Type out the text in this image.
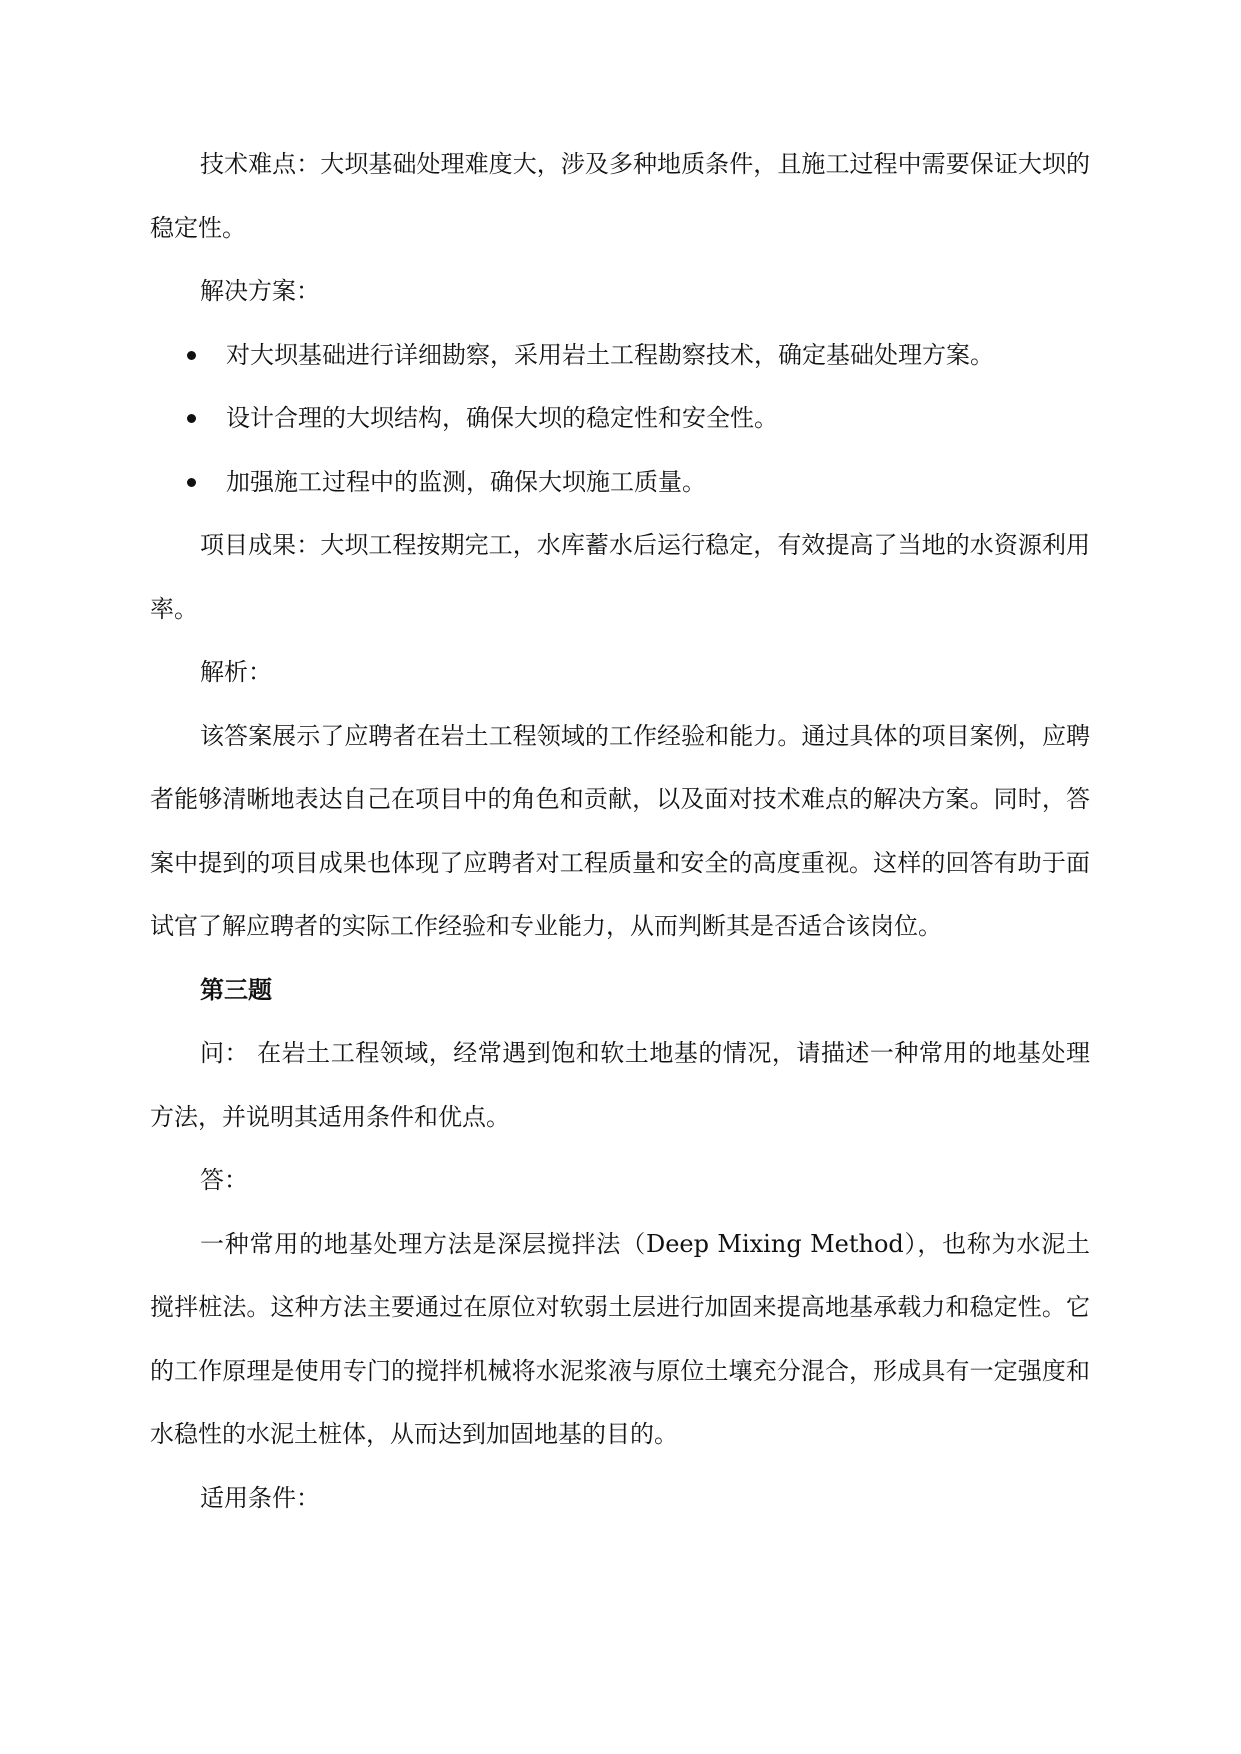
技术难点：大坝基础处理难度大，涉及多种地质条件，且施工过程中需要保证大坝的稳定性。

解决方案：

对大坝基础进行详细勘察，采用岩土工程勘察技术，确定基础处理方案。
设计合理的大坝结构，确保大坝的稳定性和安全性。
加强施工过程中的监测，确保大坝施工质量。

项目成果：大坝工程按期完工，水库蓄水后运行稳定，有效提高了当地的水资源利用率。

解析：

该答案展示了应聘者在岩土工程领域的工作经验和能力。通过具体的项目案例，应聘者能够清晰地表达自己在项目中的角色和贡献，以及面对技术难点的解决方案。同时，答案中提到的项目成果也体现了应聘者对工程质量和安全的高度重视。这样的回答有助于面试官了解应聘者的实际工作经验和专业能力，从而判断其是否适合该岗位。

第三题

问： 在岩土工程领域，经常遇到饱和软土地基的情况，请描述一种常用的地基处理方法，并说明其适用条件和优点。

答：

一种常用的地基处理方法是深层搅拌法（Deep Mixing Method），也称为水泥土搅拌桩法。这种方法主要通过在原位对软弱土层进行加固来提高地基承载力和稳定性。它的工作原理是使用专门的搅拌机械将水泥浆液与原位土壤充分混合，形成具有一定强度和水稳性的水泥土桩体，从而达到加固地基的目的。

适用条件：
